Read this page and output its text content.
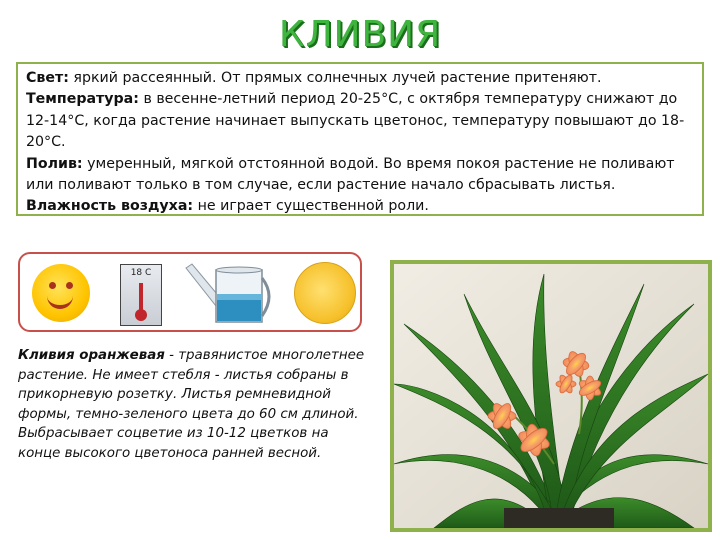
КЛИВИЯ

Свет: яркий рассеянный. От прямых солнечных лучей растение притеняют.

Температура: в весенне-летний период 20-25°C, с октября температуру снижают до 12-14°C, когда растение начинает выпускать цветонос, температуру повышают до 18-20°C.

Полив: умеренный, мягкой отстоянной водой. Во время покоя растение не поливают или поливают только в том случае, если растение начало сбрасывать листья.

Влажность воздуха: не играет существенной роли.

18 C
Кливия оранжевая - травянистое многолетнее растение. Не имеет стебля - листья собраны в прикорневую розетку. Листья ремневидной формы, темно-зеленого цвета до 60 см длиной. Выбрасывает соцветие из 10-12 цветков на конце высокого цветоноса ранней весной.
